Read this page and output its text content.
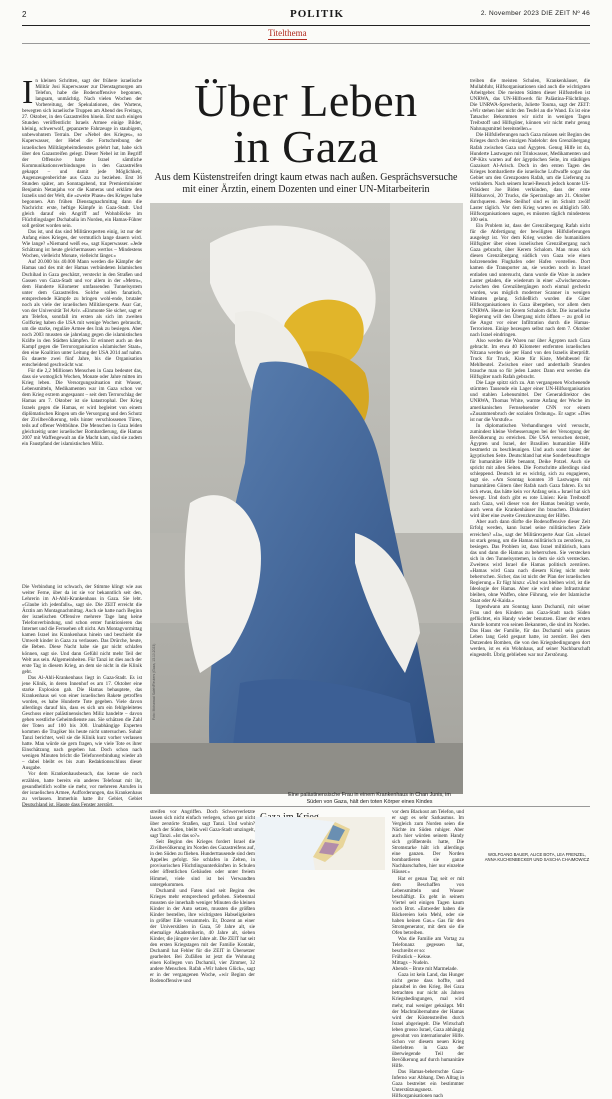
2	POLITIK	2. November 2023 DIE ZEIT Nº 46
Titelthema
Über Leben
in Gaza
Aus dem Küstenstreifen dringt kaum etwas nach außen. Gesprächsversuche mit einer Ärztin, einem Dozenten und einer UN-Mitarbeiterin

In kleinen Schritten, sagt der frühere israelische Militär Josi Kuperwasser zur Dienstagmorgen am Telefon, habe die Bodenoffensive begonnen, langsam, unmächtig. Nach vielen Wochen der Vorbereitung, der Spekulationen, des Wartens, bewegten sich israelische Truppen am Abend des Freitags, 27. Oktober, in den Gazastreifen hinein. Erst nach einigen Stunden veröffentlicht Israels Armee einige Bilder, kleinig, schwerwolf, gepanzerte Fahrzeuge in staubigem, unbewohntem Terrain. Der »Nebel des Krieges«, so Kuperwasser, der Hebel die Fortschreibung der israelischen Militärgeheimdienstes gelehrt hat, habe sich über den Gazastreifen gelegt. Dieser Nebel ist im Begriff der Offensive hatte Israel sämtliche Kommunikationsverbindungen in den Gazastreifen gekappt – und damit jede Möglichkeit, Augenzeugenberichte aus Gaza zu beziehen. Erst 36 Stunden später, am Sonntagabend, trat Premierminister Benjamin Netanjahu vor die Kameras und erklärte den Israelis und der Welt, die »zweite Phase« des Krieges habe begonnen. Am frühen Dienstagnachmittag dann die Nachricht: erste, heftige Kämpfe in Gaza-Stadt. Und gleich darauf ein Angriff auf Wohnblöcke im Flüchtlingslager Dschabalia im Norden, ein Hamas-Führer soll getötet worden sein.

Das ist, und das sind Militärexperten einig, ist nur der Anfang eines Krieges, der vermutlich lange dauern wird. Wie lange? »Niemand weiß es«, sagt Kuperwasser. »Jede Schätzung ist heute gleichermassen wertlos – Mindestens Wochen, vielleicht Monate, vielleicht länger.«

Auf 20.000 bis 40.000 Mann werden die Kämpfer der Hamas und des mit der Hamas verbündeten Islamischen Dschihad in Gaza geschätzt, versteckt in den Straßen und Gassen von Gaza-Stadt und vor allem in der »Metro«, dem Hunderte Kilometer umfassenden Tunnelsystem unter dem Gazastreifen. Solche sollen fanatisch, entsprechende Kämpfe zu bringen wohl-ende, brutaler noch als viele der israelischen Militärexperte. Asar Gat, von der Universität Tel Aviv. »Einmonte Sie sicher, sagt er am Telefon, sonnfall im ersten als sich im zweiten Golfkrieg haben die USA mit wenige Wochen gebraucht, um die starke, reguläre Armee des Irak zu besiegen. Aber noch 2003 mussten sie jahrelang gegen die islamistischen Kräfte in den Städten kämpfen. Er erinnert auch an den Kampf gegen die Terrororganisation »Islamischer Staat«, den eine Koalition unter Leitung der USA 2014 auf nahm. Es dauerte zwei fünf Jahre, bis die Organisation entscheidend geschwächt war.

Für die 2,2 Millionen Menschen in Gaza bedeutet das, dass sie womoglich Wochen, Monate oder Jahre mitten im Krieg leben. Die Versorgungssituation mit Wasser, Lebensmitteln, Medikamenten war im Gaza schon vor dem Krieg extrem angespannt – seit dem Terrorschlag der Hamas am 7. Oktober ist sie katastrophal. Der Krieg Israels gegen die Hamas, er wird begleitet von einem diplömatischen Ringen um die Versorgung und den Schutz der Zivilbevölkerung, teils hinter verschlossenen Türen, teils auf offener Weltbühne. Die Menschen in Gaza leiden gleichzeitig unter israelischer Bombardierung, die Hamas 2007 mit Waffengewalt an die Macht kam, sind sie zudem ein Faustpfand der islamistischen Miliz.

Die Verbindung ist schwach, der Stimme klingt wie aus weiter Ferne, über da ist sie vor bekanntlich seit den, Lehrerin im Al-Ahli-Krankenhaus in Gaza. Sie lebt. »Glaube ich jedenfalls«, sagt sie. Die ZEIT erreicht die Ärztin am Montagnachmittag. Auch sie hatte nach Beginn der israelischen Offensive mehrere Tage lang keine Telefonverbindung, und schon erster funktionieren das Internet und die Fernsehen oft nicht. Am Montagvormittag kamen Israel ins Krankenhaus hinein und beschiebt die Umwelt kinder in Gaza zu verlassen. Das Drürche, heute, die Beben. Diese Nacht habe sie gar nicht schlafen können, sagt sie. Und dann Gefühl nicht mehr Teil der Welt aus sein. Allgemeinheiten. Für Tanzi ist dies auch der erste Tag in diesem Krieg, an dem sie nicht in die Klinik geht.

Das Al-Ahli-Krankenhaus liegt in Gaza-Stadt. Es ist jene Klinik, in deren Innenhof es am 17. Oktober eine starke Explosion gab. Die Hamas behauptete, das Krankenhaus sei von einer israelischen Rakete getroffen worden, es habe Hunderte Tote gegeben. Viele davon allerdings darauf hin, dass es sich um ein fehlgeleitetes Geschoss einer palästinensischen Miliz handelte – davon gehen westliche Geheimdienste aus. Sie schätzen die Zahl der Toten auf 100 bis 300. Unabhängige Experten kommen die Tragiker bis heute nicht untersuchen. Suhair Tanzi berichtet, weil sie die Klinik kurz vorher verlassen hatte. Man würde sie gern fragen, wie viele Tote es ihrer Einschätzung nach gegeben hat. Doch schon nach wenigen Minuten bricht die Telefonverbindung wieder ab – dabei bleibt es bis zum Redaktionsschluss dieser Ausgabe.

Vor dem Krankenhausbesuch, das kenne sie noch erzählen, hatte bereits ein anderes Telefonat mit ihr, gesundheitlich wollte sie mehr, vor mehreren Anrufen in der israelischen Armee, Aufforderungen, das Krankenhaus zu verlassen. Immerhin hatte ihr Gebiet, Gebiet Deutschland ist. Hasste dass Fenster zerstört,

Foto: Mohamad Saleh/Reuters (Gaza, 13.10.2023)
Eine palästinensische Frau in einem Krankenhaus in Chan Junis, im Süden von Gaza, hält den toten Körper eines Kindes

treiben die meisten Schulen, Krankenhäuser, die Mullabfuhr, Hilfsorganisationen sind auch die wichtigsten Arbeitgeber. Die meisten Stätten dieser Hilfsstellen ist UNRWA, das UN-Hilfswerk für Palästina-Flüchtlinge. Die UNRWA-Sprecherin, Juliette Touma, sagt der ZEIT: »Wir stehen hier nicht den Teufel an die Wand. Es ist eine Tatsache: Bekommen wir nicht in wenigen Tagen Treibstoff und Hilfsgüter, können wir nicht mehr genug Nahrungsmittel bereitstellen.«

Die Hilfslieferungen nach Gaza müssen seit Beginn des Krieges durch den einzigen Nadelohr: den Grenzübergang Rafah zwischen Gaza und Ägypten. Genug Hilfe ist da, Hunderte Lastwagen mit Trinkwasser, Medikamenten und OP-Kits warten auf der ägyptischen Seite, im stäubigen Gazaisort Al-Arisch. Doch in den ersten Tagen des Krieges bombardierte die israelische Luftwaffe sogar das Gebiet um den Grenzposten Rafah, um die Lieferung zu verhindern. Nach seinem Israel-Besuch jedoch konnte US-Präsident Joe Biden verkünden, dass der erste Hilfskonvoi, 20 Trucks, die Sperranlage am 21. Oktober durchqueren. Jedes Steilhof sind es im Schnitt zwölf Laster täglich. Vor dem Krieg warten es alltäglich 500. Hilfsorganisationen sagen, es müssten täglich mindestens 100 sein.

Ein Problem ist, dass der Grenzübergang Rafah nicht für die Abfertigung der bewiligten Hilfslieferungen ausgelegt ist. Vor dem Krieg wurden die humanitären Hilfsgüter über einen israelischen Grenzübergang nach Gaza gebracht, über Kerem Schalom. Man muss sich diesen Grenzübergang südlich von Gaza wie einen holzrenenden Flughafen oder Hafen vorstellen. Dort kamen die Transporter an, sie wurden noch in Israel entladen und untersucht, dann wurde die Ware in andere Laster geladen, die wiederum in einer »Zwischenzone« zwischen den Grenzübergängen noch einmal gecheckt wurden, was möglich moderner Scanner in wenigen Minuten gelang. Schließlich wurden die Güter Hilfsorganisationen in Gaza übergeben, vor allem dem UNRWA. Heute ist Kerem Schalom dicht. Die israelische Regierung will den Übergang nicht öffnen – zu groß ist die Angst vor einer Infiltration durch die Hamas-Terroristen. Einige bezeugen selbst nach dem 7. Oktober nach Israel eindringen.

Also werden die Waren nur über Ägypten nach Gaza gebracht. Im etwa 40 Kilometer entfernten israelischen Nitzana werden sie per Hand von den Israelis überprüft. Truck für Truck, Kiste für Kiste, Mehlbeutel für Mehlbeutel. Zwischen einer und anderthalb Stunden brauche man so für jeden Laster. Dann erst werden die Hilfsgüter nach Rafah gebracht.

Die Lage spitzt sich zu. Am vergangenen Wochenende stürmten Tausende ein Lager einer UN-Hilfsorganisation und stahlen Lebensmittel. Der Generaldirektor des UNRWA, Thomas White, warnte Anfang der Woche im amerikanischen Fernsehsender CNN vor einem »Zusammenbruch der sozialen Ordnung«. Er sagte: »Dies ist nur die Vorstufe.«

In diplomatischen Verhandlungen wird versucht, zumindest kleine Verbesserungen bei der Versorgung der Bevölkerung zu erreichen. Die USA versuchen derzeit, Ägypten und Israel, der Brasilien humanitäre Hilfe bestmerkt zu beschleunigen. Und auch sonst hinter der ägyptischen Seite. Deutschland hat eine Sonderbeauftragte für humanitäre Hilfe benannt, Deike Potzel. Auch sie spricht mit allen Seiten. Die Fortschritte allerdings sind schleppend. Deutsch ist es wichtig, sich zu engagieren, sagt sie. »Am Sonntag konnten 39 Lastwagen mit humanitären Gütern über Rafah nach Gaza fahren. Es tut sich etwas, das hätte kein vor Anfang sein.« Israel hat sich bewegt. Und doch gibt es rote Linien: Kein Treibstoff nach Gaza, weil dieser von der Hamas benötigt werde, auch wenn die Krankenhäuser ihn brauchen. Diskutiert wird über eine zweite Grenzkreuzung der Hilfen.

Aber auch dann dürfte die Bodenoffensive dieser Zeit Erfolg werden, kann Israel seine militärischen Ziele erreichen? »Ja«, sagt der Militärexperte Asar Gat. »Israel ist stark genug, um die Hamas militärisch zu zerstören, zu besiegen. Das Problem ist, dass Israel militärisch, kann das und dann die Hamas zu beherrschen. Sie verstecken sich in den Tunnelsystemen, in dem sie sich verstecken. Zweitens wird Israel die Hamas politisch zerstören. »Hamas wird Gaza nach diesem Krieg nicht mehr beherrschen. Sicher, das ist nicht der Plan der israelischen Regierung.« Er fügt hinzu: »Und was bleiben wird, ist die Ideologie der Hamas. Aber sie wird ohne Infrastruktur bleiben, ohne Waffen, ohne Führung, wie der Islamische Staat oder Al-Kaida.«

Irgendwann am Sonntag kann Dschamil, mit seiner Frau und den Kindern aus Gaza-Stadt nach Süden geflüchtet, ein Handy wieder benutzen. Einer der ersten Anrufe kommt von seinen Bekannten, die sind im Norden. Das Haus der Familie, für das Dschamil sein ganzes Leben lang Geld gespart hatte, ist zerstört. Bei dem Dutzenden Bomben, die von den Kriegsbedingungen dort werden, ist es ein Wohnhaus, auf seiner Nachbarschaft eingestellt. Übrig geblieben war nur Zerstörung.

WOLFGANG BAUER, ALICE BOTA, LEA FRENZEL, ANNA KUCHENBECKER UND SASCHA CHAIMOWICZ

streifen vor Angriffen. Doch Schwerverletzte lassen sich nicht einfach verlegen, schon gar nicht über zerstörte Straßen, sagt Tanzi. Und wohin? Auch der Süden, bleibt weil Gaza-Stadt umzingelt, sagt Tanzi. »Ist das so?«

Seit Beginn des Krieges fordert Israel die Zivilbevölkerung im Norden des Gazastreifens auf, in den Süden zu fliehen. Hunderttausende sind dem Appelles gefolgt. Sie schlafen in Zelten, in provisorischen Flüchtlingsunterkünften in Schulen oder öffentlichen Gebäuden oder unter freiem Himmel, viele sind ist bei Verwandten untergekommen.

Dschamil und Faten sind seit Beginn des Krieges mehr entsprechend geflohen. Siebenmal mussten sie innerhalb weniger Minuten die kleinen Kinder in der Auto setzen, mussten die größten Kinder bestellen, ihre wichtigsten Habseligkeiten in größter Eile versammeln. Er, Dozent an einer der Universitäten in Gaza, 50 Jahre alt, sie ehemalige Akademikerin, 40 Jahre alt, sieben Kinder, die jüngste vier Jahre alt. Die ZEIT hat seit den ersten Kriegstagen mit der Familie Kontakt, Dschamil hat Fehler für die ZEIT in Übersetzer gearbeitet. Bei Zufällen ist jetzt die Wohnung einen Kollegen von Dschamil, vier Zimmer, 32 andere Menschen. Rafah »Wir haben Glück«, sagt er in der vergangenen Woche, »wir Beginn der Bodenoffensive und

vor dem Blackout am Telefon, und er sagt es sehr Sarkasmus. Im Vergleich zum Norden seien die Nächte im Süden ruhiger. Aber auch hier würden seinem Handy sich größtenteils hatte, Die Stromstarke hält ich allerdings eine ganzen. Der Norden bombardieren sie ganze Nachbarschaften, hier nur einzelne Häuser.«

Hat er genau Tag seit er mit dem Beschaffen von Lebensmitteln und Wasser beschäftigt. Es geht in seinem Viertel seit einigen Tagen kaum noch Brot. »Entweder haben die Bäckereien kein Mehl, oder sie haben keinen Gas.« Gas für den Stromgenerator, mit dem sie die Ofen betreiben.

Was die Familie am Vortag zu Telefonanz gegessen hat, beschreibt er so:

Frühstück – Kekse.
Mittags – Nudeln.
Abends – Brote mit Marmelade.

Gaza ist kein Land, das Hunger nicht gerne dass hoffte, und plausibel in den Krieg. Bei Gaza betrachten nur nicht als Jahren Kriegsbedingungen, mal wird mehr, mal weniger geknäppt. Mit der Machtuübernahme der Hamas wird der Küstenstreifen durch Israel abgeriegelt. Die Wirtschaft leben grosso Israel, Gaza abhängig gewohnt von internationaler Hilfe. Schon vor diesem neuen Krieg überlebten in Gaza der überwiegende Teil der Bevölkerung auf durch humanitäre Hilfe.

Das Hamas-beherrschte Gaza-Inferno war Abhang. Den Alltag in Gaza bestreitet ein bestimmter Unterstützungsnetz. Hilfsorganisationen nach
